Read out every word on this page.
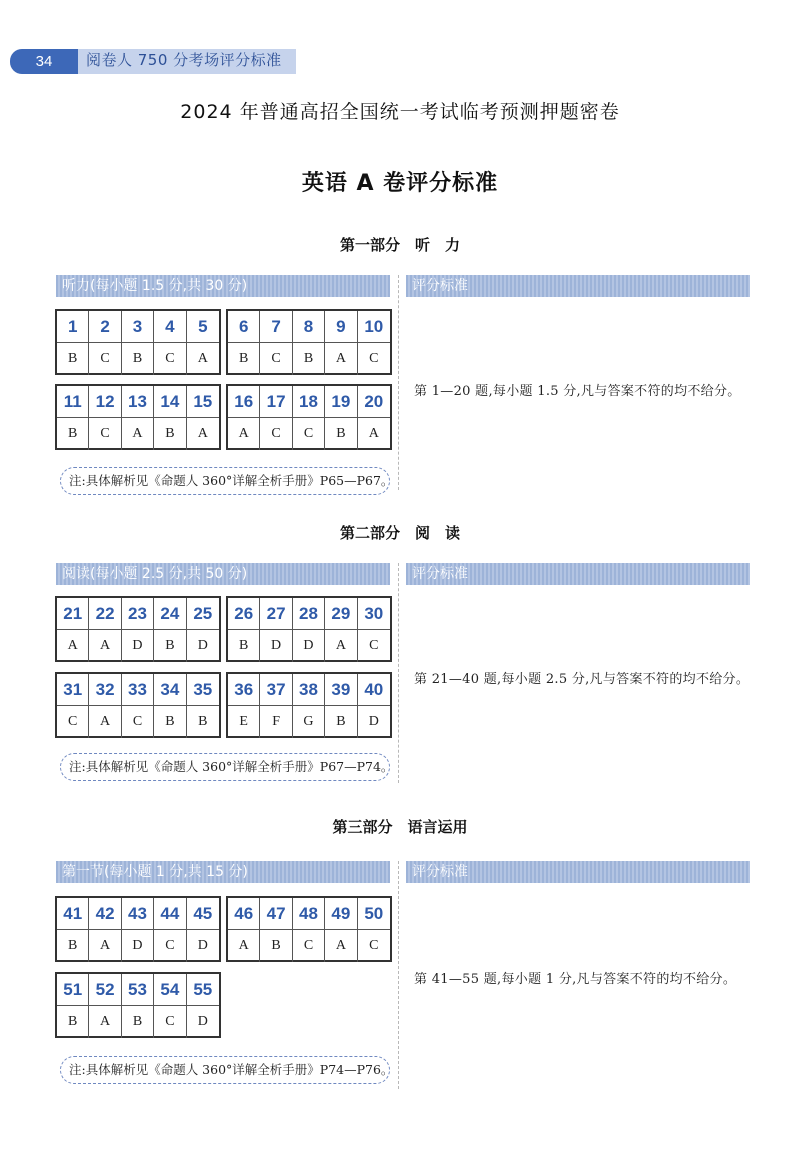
34	阅卷人 750 分考场评分标准
2024 年普通高招全国统一考试临考预测押题密卷
英语 A 卷评分标准
第一部分　听　力
听力(每小题 1.5 分,共 30 分)	评分标准
1	2	3	4	5
B	C	B	C	A
6	7	8	9	10
B	C	B	A	C
11 12 13 14 15
B	C	A	B	A
16 17 18 19 20
A	C	C	B	A
注:具体解析见《命题人 360°详解全析手册》P65—P67。
第 1—20 题,每小题 1.5 分,凡与答案不符的均不给分。
第二部分　阅　读
阅读(每小题 2.5 分,共 50 分)	评分标准
21 22 23 24 25
A	A	D	B	D
26 27 28 29 30
B	D	D	A	C
31 32 33 34 35
C	A	C	B	B
36 37 38 39 40
E	F	G	B	D
注:具体解析见《命题人 360°详解全析手册》P67—P74。
第 21—40 题,每小题 2.5 分,凡与答案不符的均不给分。
第三部分　语言运用
第一节(每小题 1 分,共 15 分)	评分标准
41 42 43 44 45
B	A	D	C	D
46 47 48 49 50
A	B	C	A	C
51 52 53 54 55
B	A	B	C	D
注:具体解析见《命题人 360°详解全析手册》P74—P76。
第 41—55 题,每小题 1 分,凡与答案不符的均不给分。
